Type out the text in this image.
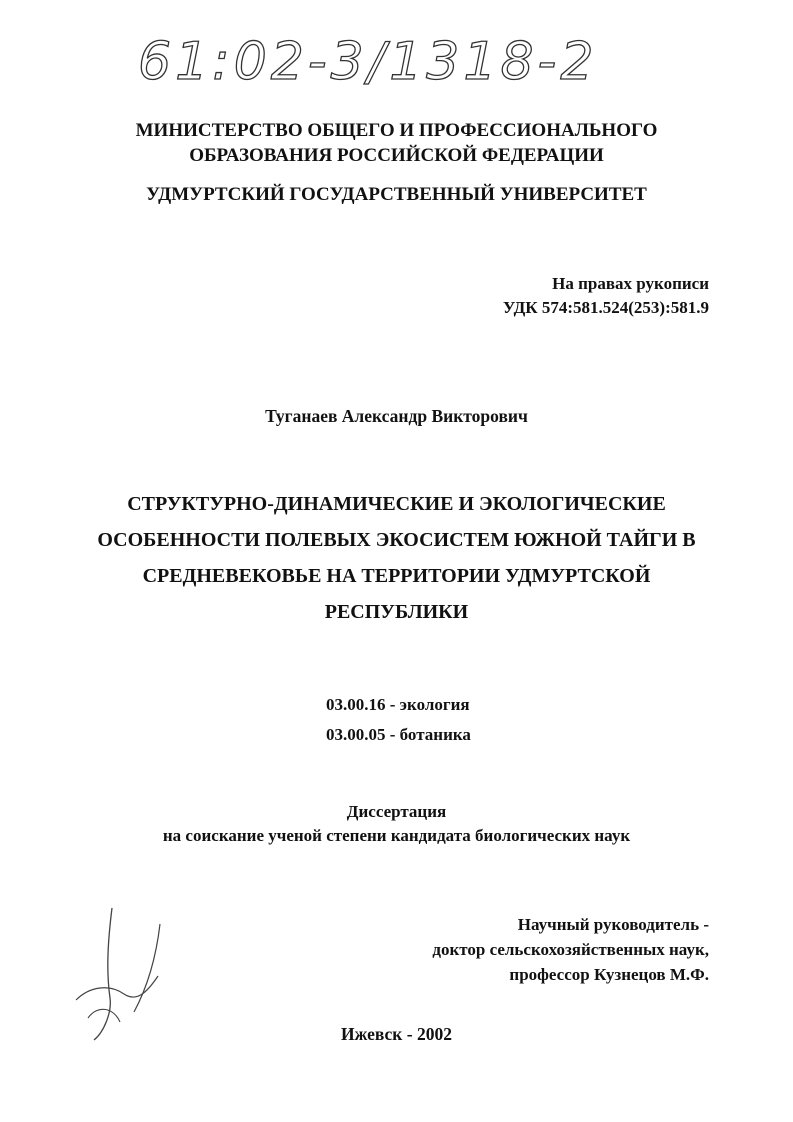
61:02-3/1318-2
МИНИСТЕРСТВО ОБЩЕГО И ПРОФЕССИОНАЛЬНОГО
ОБРАЗОВАНИЯ РОССИЙСКОЙ ФЕДЕРАЦИИ
УДМУРТСКИЙ ГОСУДАРСТВЕННЫЙ УНИВЕРСИТЕТ
На правах рукописи
УДК 574:581.524(253):581.9
Туганаев Александр Викторович
СТРУКТУРНО-ДИНАМИЧЕСКИЕ И ЭКОЛОГИЧЕСКИЕ
ОСОБЕННОСТИ ПОЛЕВЫХ ЭКОСИСТЕМ ЮЖНОЙ ТАЙГИ В
СРЕДНЕВЕКОВЬЕ НА ТЕРРИТОРИИ УДМУРТСКОЙ
РЕСПУБЛИКИ
03.00.16 - экология
03.00.05 - ботаника
Диссертация
на соискание ученой степени кандидата биологических наук
Научный руководитель -
доктор сельскохозяйственных наук,
профессор Кузнецов М.Ф.
Ижевск - 2002
